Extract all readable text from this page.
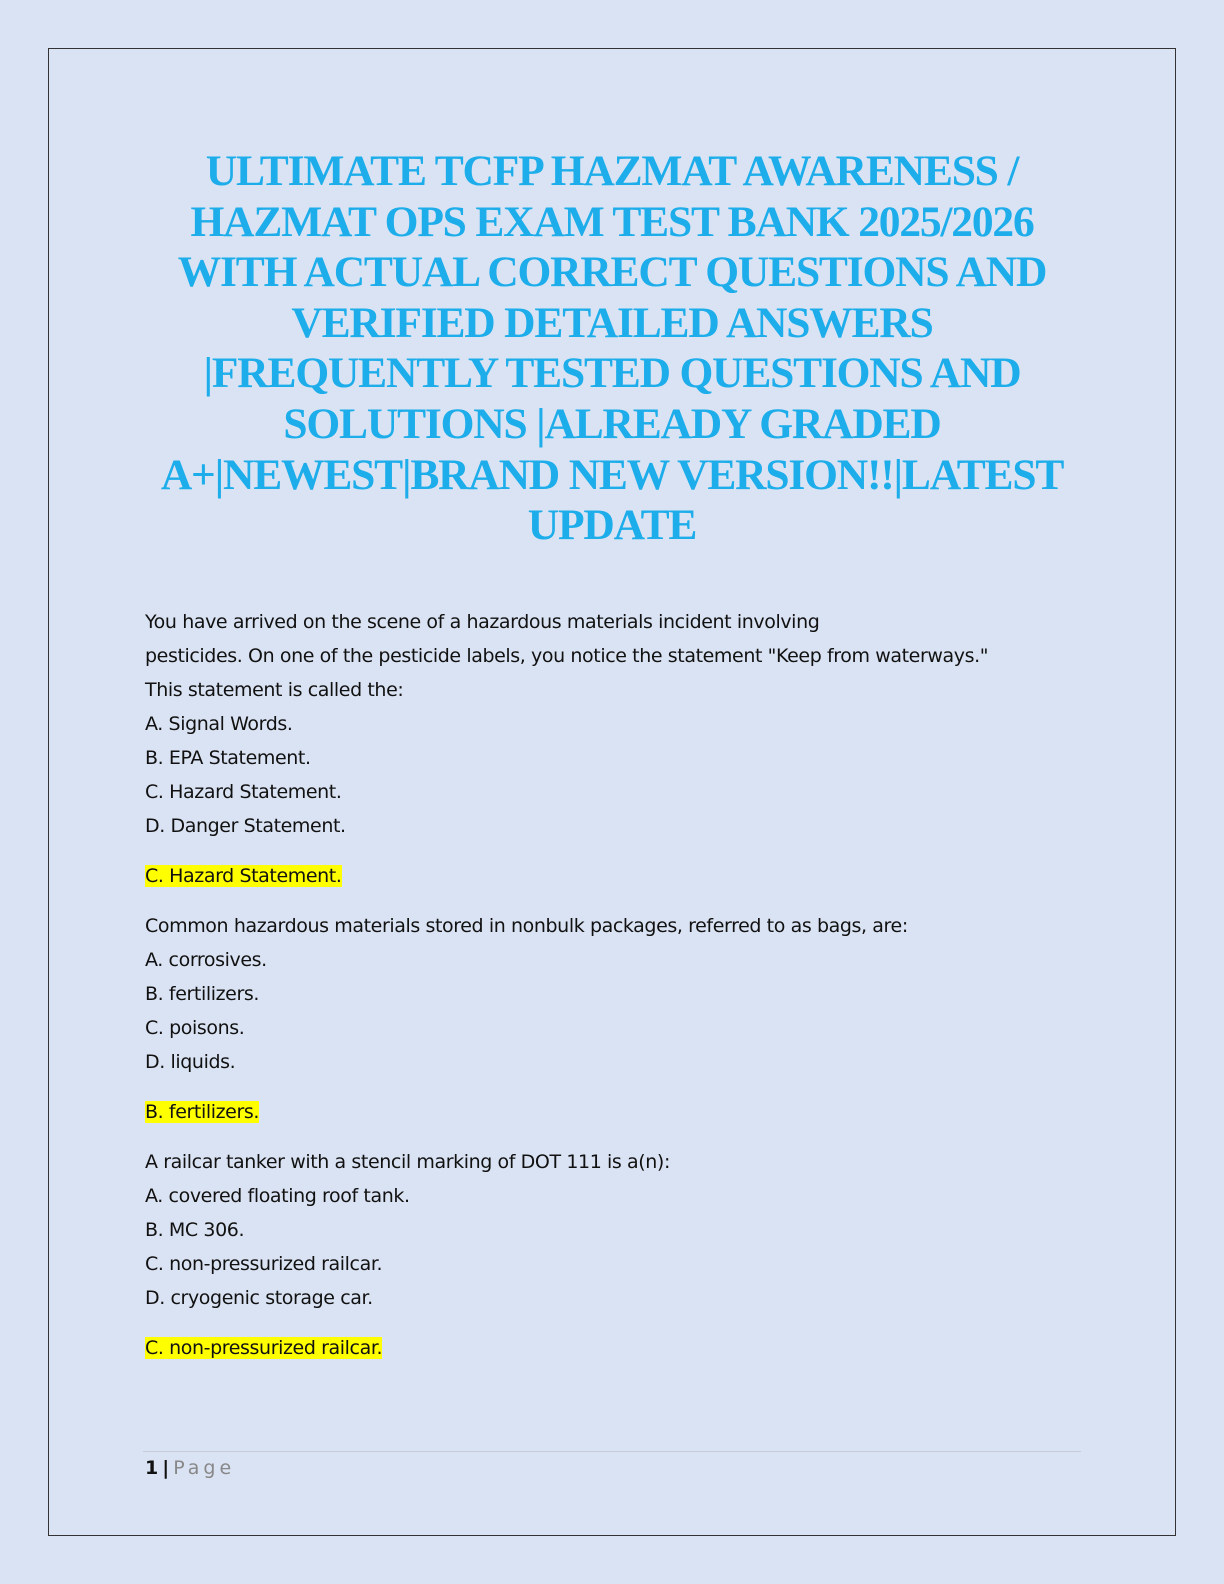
ULTIMATE TCFP HAZMAT AWARENESS /
HAZMAT OPS EXAM TEST BANK 2025/2026
WITH ACTUAL CORRECT QUESTIONS AND
VERIFIED DETAILED ANSWERS
|FREQUENTLY TESTED QUESTIONS AND
SOLUTIONS |ALREADY GRADED
A+|NEWEST|BRAND NEW VERSION!!|LATEST
UPDATE
You have arrived on the scene of a hazardous materials incident involving
pesticides. On one of the pesticide labels, you notice the statement "Keep from waterways."
This statement is called the:
A. Signal Words.
B. EPA Statement.
C. Hazard Statement.
D. Danger Statement.
C. Hazard Statement.
Common hazardous materials stored in nonbulk packages, referred to as bags, are:
A. corrosives.
B. fertilizers.
C. poisons.
D. liquids.
B. fertilizers.
A railcar tanker with a stencil marking of DOT 111 is a(n):
A. covered floating roof tank.
B. MC 306.
C. non-pressurized railcar.
D. cryogenic storage car.
C. non-pressurized railcar.
1 | Page
